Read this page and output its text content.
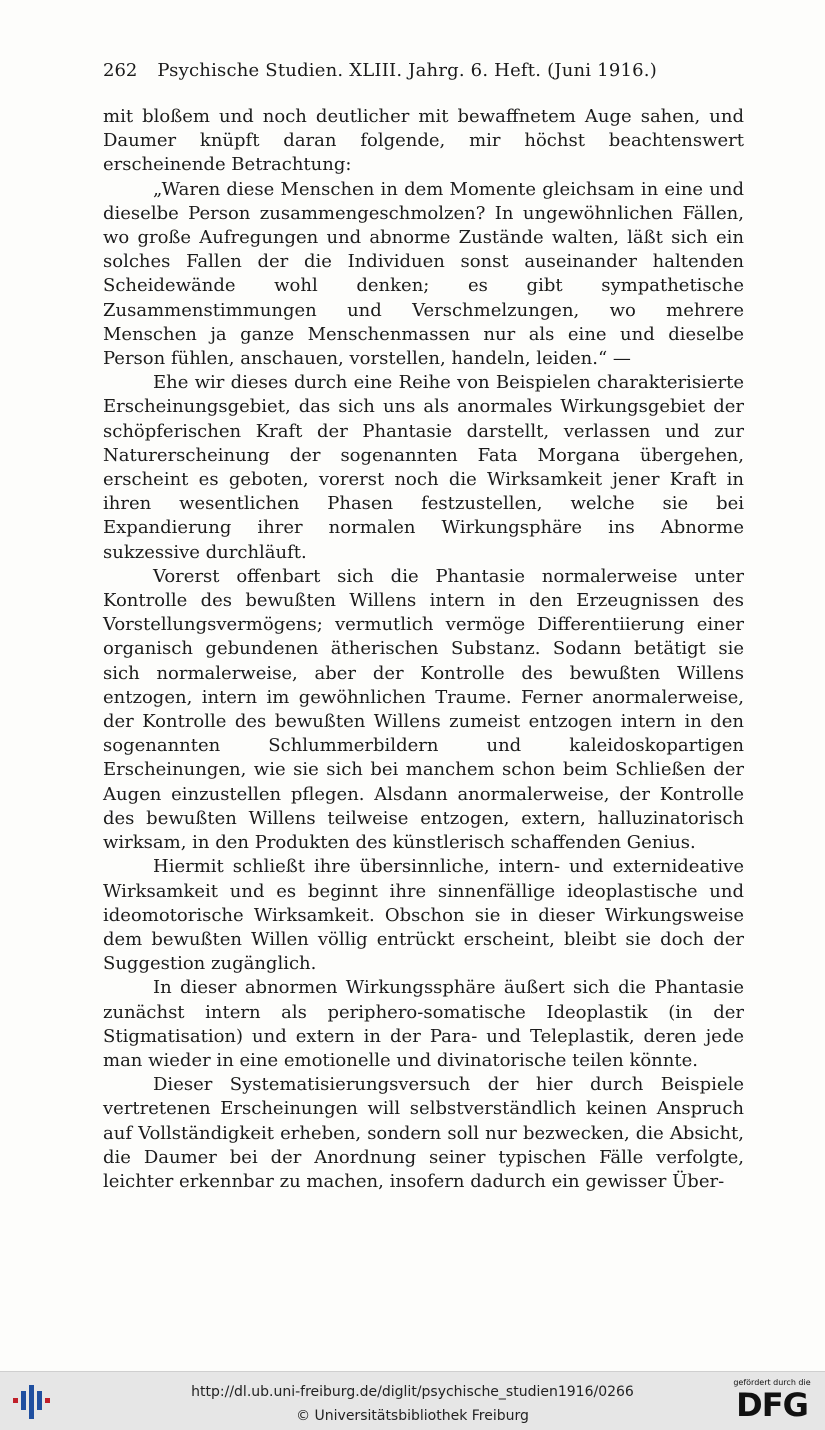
262 Psychische Studien. XLIII. Jahrg. 6. Heft. (Juni 1916.)

mit bloßem und noch deutlicher mit bewaffnetem Auge sahen, und Daumer knüpft daran folgende, mir höchst beachtenswert erscheinende Betrachtung:

„Waren diese Menschen in dem Momente gleichsam in eine und dieselbe Person zusammengeschmolzen? In ungewöhnlichen Fällen, wo große Aufregungen und abnorme Zustände walten, läßt sich ein solches Fallen der die Individuen sonst auseinander haltenden Scheidewände wohl denken; es gibt sympathetische Zusammenstimmungen und Verschmelzungen, wo mehrere Menschen ja ganze Menschenmassen nur als eine und dieselbe Person fühlen, anschauen, vorstellen, handeln, leiden.“ —

Ehe wir dieses durch eine Reihe von Beispielen charakterisierte Erscheinungsgebiet, das sich uns als anormales Wirkungsgebiet der schöpferischen Kraft der Phantasie darstellt, verlassen und zur Naturerscheinung der sogenannten Fata Morgana übergehen, erscheint es geboten, vorerst noch die Wirksamkeit jener Kraft in ihren wesentlichen Phasen festzustellen, welche sie bei Expandierung ihrer normalen Wirkungsphäre ins Abnorme sukzessive durchläuft.

Vorerst offenbart sich die Phantasie normalerweise unter Kontrolle des bewußten Willens intern in den Erzeugnissen des Vorstellungsvermögens; vermutlich vermöge Differentiierung einer organisch gebundenen ätherischen Substanz. Sodann betätigt sie sich normalerweise, aber der Kontrolle des bewußten Willens entzogen, intern im gewöhnlichen Traume. Ferner anormalerweise, der Kontrolle des bewußten Willens zumeist entzogen intern in den sogenannten Schlummerbildern und kaleidoskopartigen Erscheinungen, wie sie sich bei manchem schon beim Schließen der Augen einzustellen pflegen. Alsdann anormalerweise, der Kontrolle des bewußten Willens teilweise entzogen, extern, halluzinatorisch wirksam, in den Produkten des künstlerisch schaffenden Genius.

Hiermit schließt ihre übersinnliche, intern- und externideative Wirksamkeit und es beginnt ihre sinnenfällige ideoplastische und ideomotorische Wirksamkeit. Obschon sie in dieser Wirkungsweise dem bewußten Willen völlig entrückt erscheint, bleibt sie doch der Suggestion zugänglich.

In dieser abnormen Wirkungssphäre äußert sich die Phantasie zunächst intern als periphero-somatische Ideoplastik (in der Stigmatisation) und extern in der Para- und Teleplastik, deren jede man wieder in eine emotionelle und divinatorische teilen könnte.

Dieser Systematisierungsversuch der hier durch Beispiele vertretenen Erscheinungen will selbstverständlich keinen Anspruch auf Vollständigkeit erheben, sondern soll nur bezwecken, die Absicht, die Daumer bei der Anordnung seiner typischen Fälle verfolgte, leichter erkennbar zu machen, insofern dadurch ein gewisser Über-

http://dl.ub.uni-freiburg.de/diglit/psychische_studien1916/0266
© Universitätsbibliothek Freiburg
gefördert durch die
DFG
